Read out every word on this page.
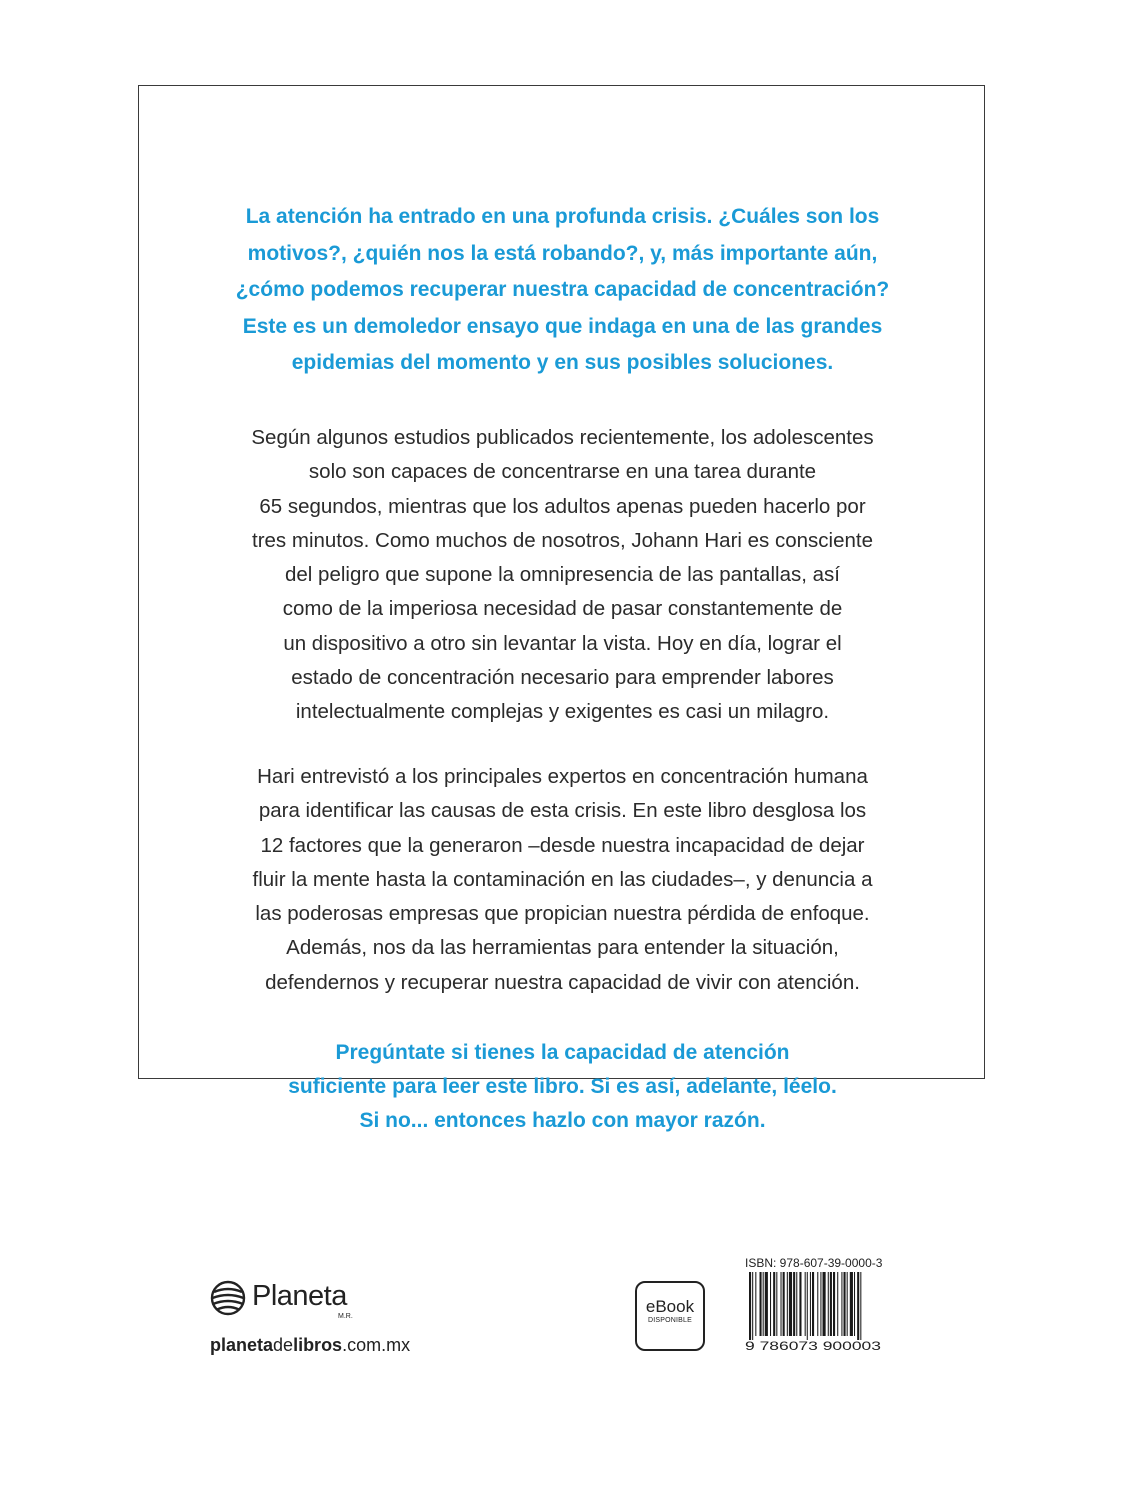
La atención ha entrado en una profunda crisis. ¿Cuáles son los
motivos?, ¿quién nos la está robando?, y, más importante aún,
¿cómo podemos recuperar nuestra capacidad de concentración?
Este es un demoledor ensayo que indaga en una de las grandes
epidemias del momento y en sus posibles soluciones.
Según algunos estudios publicados recientemente, los adolescentes
solo son capaces de concentrarse en una tarea durante
65 segundos, mientras que los adultos apenas pueden hacerlo por
tres minutos. Como muchos de nosotros, Johann Hari es consciente
del peligro que supone la omnipresencia de las pantallas, así
como de la imperiosa necesidad de pasar constantemente de
un dispositivo a otro sin levantar la vista. Hoy en día, lograr el
estado de concentración necesario para emprender labores
intelectualmente complejas y exigentes es casi un milagro.
Hari entrevistó a los principales expertos en concentración humana
para identificar las causas de esta crisis. En este libro desglosa los
12 factores que la generaron –desde nuestra incapacidad de dejar
fluir la mente hasta la contaminación en las ciudades–, y denuncia a
las poderosas empresas que propician nuestra pérdida de enfoque.
Además, nos da las herramientas para entender la situación,
defendernos y recuperar nuestra capacidad de vivir con atención.
Pregúntate si tienes la capacidad de atención
suficiente para leer este libro. Si es así, adelante, léelo.
Si no... entonces hazlo con mayor razón.
Planeta
M.R.
planetadelibros.com.mx
eBook
DISPONIBLE
ISBN: 978-607-39-0000-3
9 786073 900003
